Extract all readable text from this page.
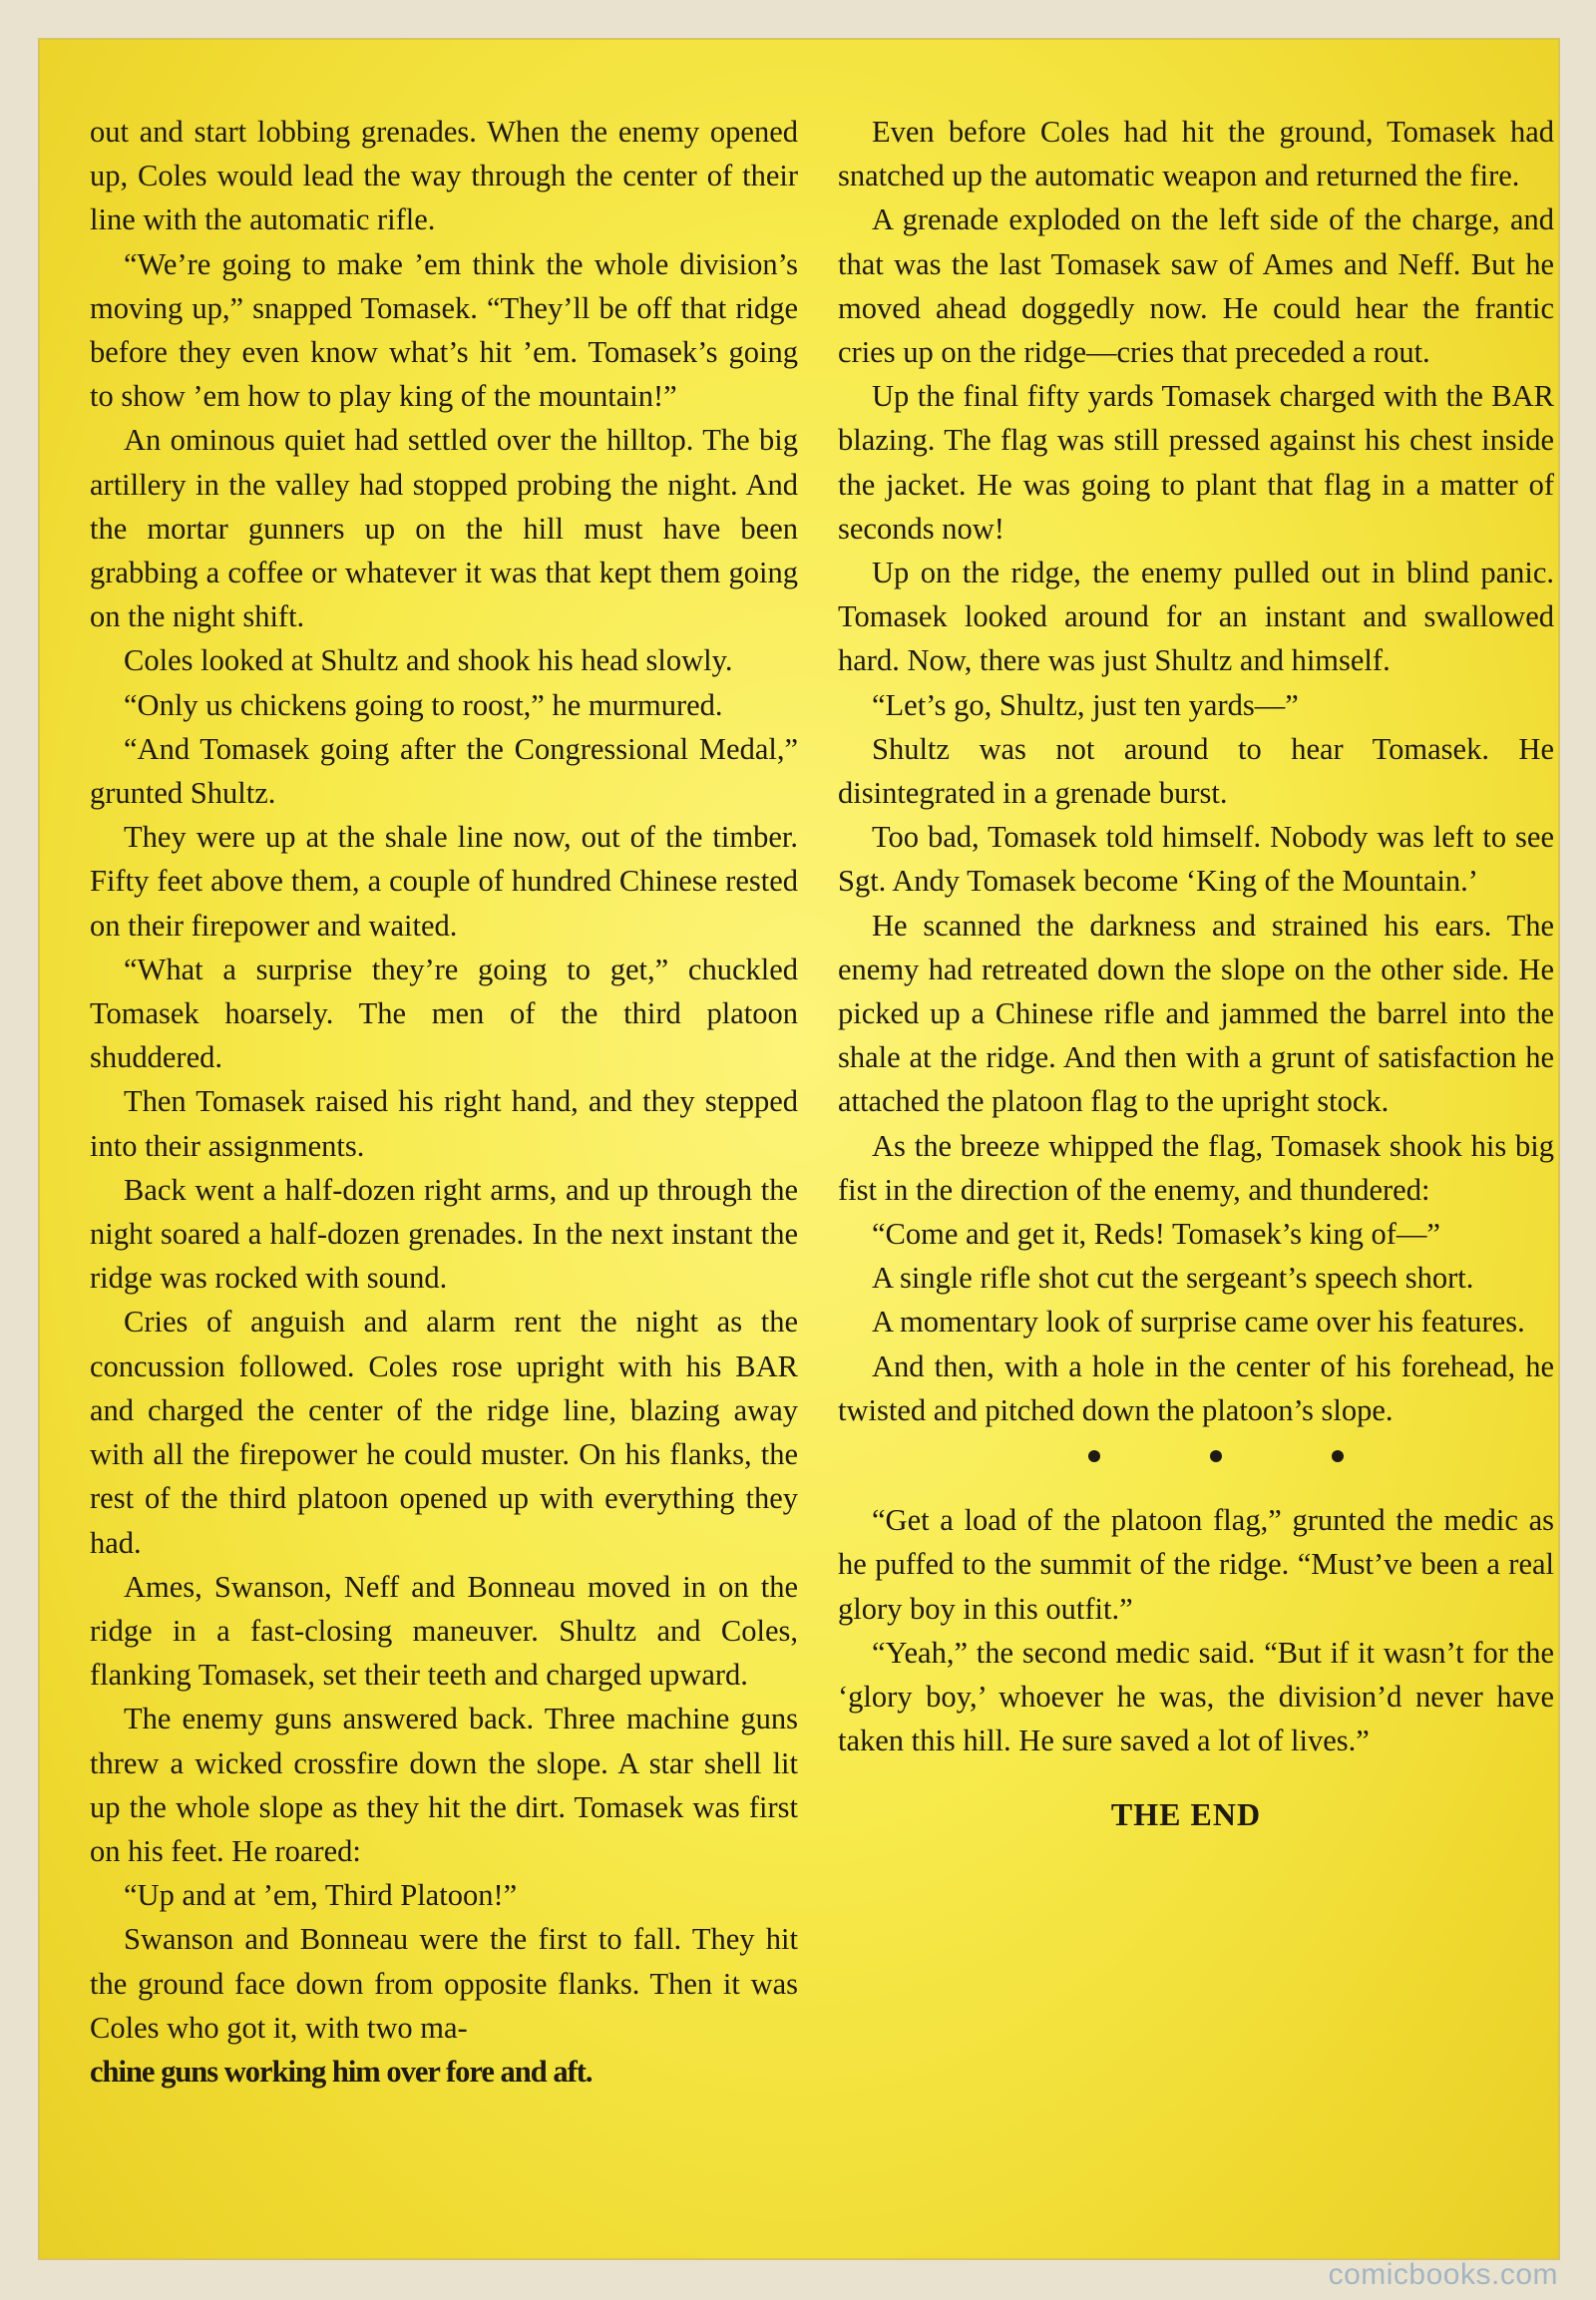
out and start lobbing grenades. When the enemy opened up, Coles would lead the way through the center of their line with the automatic rifle.

“We’re going to make ’em think the whole division’s moving up,” snapped Tomasek. “They’ll be off that ridge before they even know what’s hit ’em. Tomasek’s going to show ’em how to play king of the mountain!”

An ominous quiet had settled over the hilltop. The big artillery in the valley had stopped probing the night. And the mortar gunners up on the hill must have been grabbing a coffee or whatever it was that kept them going on the night shift.

Coles looked at Shultz and shook his head slowly.

“Only us chickens going to roost,” he murmured.

“And Tomasek going after the Congressional Medal,” grunted Shultz.

They were up at the shale line now, out of the timber. Fifty feet above them, a couple of hundred Chinese rested on their firepower and waited.

“What a surprise they’re going to get,” chuckled Tomasek hoarsely. The men of the third platoon shuddered.

Then Tomasek raised his right hand, and they stepped into their assignments.

Back went a half-dozen right arms, and up through the night soared a half-dozen grenades. In the next instant the ridge was rocked with sound.

Cries of anguish and alarm rent the night as the concussion followed. Coles rose upright with his BAR and charged the center of the ridge line, blazing away with all the firepower he could muster. On his flanks, the rest of the third platoon opened up with everything they had.

Ames, Swanson, Neff and Bonneau moved in on the ridge in a fast-closing maneuver. Shultz and Coles, flanking Tomasek, set their teeth and charged upward.

The enemy guns answered back. Three machine guns threw a wicked crossfire down the slope. A star shell lit up the whole slope as they hit the dirt. Tomasek was first on his feet. He roared:

“Up and at ’em, Third Platoon!”

Swanson and Bonneau were the first to fall. They hit the ground face down from opposite flanks. Then it was Coles who got it, with two ma-

chine guns working him over fore and aft.

Even before Coles had hit the ground, Tomasek had snatched up the automatic weapon and returned the fire.

A grenade exploded on the left side of the charge, and that was the last Tomasek saw of Ames and Neff. But he moved ahead doggedly now. He could hear the frantic cries up on the ridge—cries that preceded a rout.

Up the final fifty yards Tomasek charged with the BAR blazing. The flag was still pressed against his chest inside the jacket. He was going to plant that flag in a matter of seconds now!

Up on the ridge, the enemy pulled out in blind panic. Tomasek looked around for an instant and swallowed hard. Now, there was just Shultz and himself.

“Let’s go, Shultz, just ten yards—”

Shultz was not around to hear Tomasek. He disintegrated in a grenade burst.

Too bad, Tomasek told himself. Nobody was left to see Sgt. Andy Tomasek become ‘King of the Mountain.’

He scanned the darkness and strained his ears. The enemy had retreated down the slope on the other side. He picked up a Chinese rifle and jammed the barrel into the shale at the ridge. And then with a grunt of satisfaction he attached the platoon flag to the upright stock.

As the breeze whipped the flag, Tomasek shook his big fist in the direction of the enemy, and thundered:

“Come and get it, Reds! Tomasek’s king of—”

A single rifle shot cut the sergeant’s speech short.

A momentary look of surprise came over his features.

And then, with a hole in the center of his forehead, he twisted and pitched down the platoon’s slope.

“Get a load of the platoon flag,” grunted the medic as he puffed to the summit of the ridge. “Must’ve been a real glory boy in this outfit.”

“Yeah,” the second medic said. “But if it wasn’t for the ‘glory boy,’ whoever he was, the division’d never have taken this hill. He sure saved a lot of lives.”

THE END
comicbooks.com
